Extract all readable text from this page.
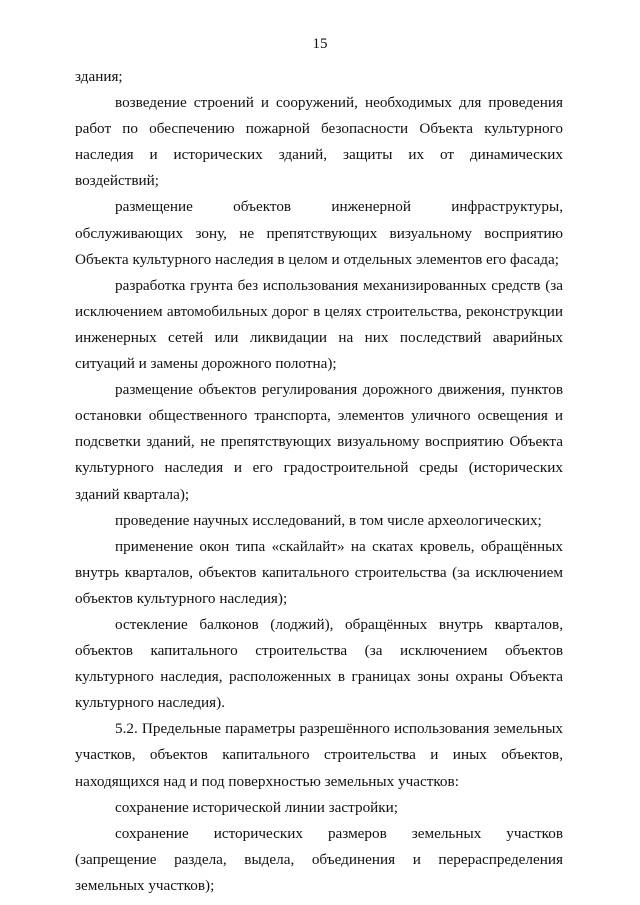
15

здания;

возведение строений и сооружений, необходимых для проведения работ по обеспечению пожарной безопасности Объекта культурного наследия и исторических зданий, защиты их от динамических воздействий;

размещение объектов инженерной инфраструктуры, обслуживающих зону, не препятствующих визуальному восприятию Объекта культурного наследия в целом и отдельных элементов его фасада;

разработка грунта без использования механизированных средств (за исключением автомобильных дорог в целях строительства, реконструкции инженерных сетей или ликвидации на них последствий аварийных ситуаций и замены дорожного полотна);

размещение объектов регулирования дорожного движения, пунктов остановки общественного транспорта, элементов уличного освещения и подсветки зданий, не препятствующих визуальному восприятию Объекта культурного наследия и его градостроительной среды (исторических зданий квартала);

проведение научных исследований, в том числе археологических;

применение окон типа «скайлайт» на скатах кровель, обращённых внутрь кварталов, объектов капитального строительства (за исключением объектов культурного наследия);

остекление балконов (лоджий), обращённых внутрь кварталов, объектов капитального строительства (за исключением объектов культурного наследия, расположенных в границах зоны охраны Объекта культурного наследия).

5.2. Предельные параметры разрешённого использования земельных участков, объектов капитального строительства и иных объектов, находящихся над и под поверхностью земельных участков:

сохранение исторической линии застройки;

сохранение исторических размеров земельных участков (запрещение раздела, выдела, объединения и перераспределения земельных участков);
